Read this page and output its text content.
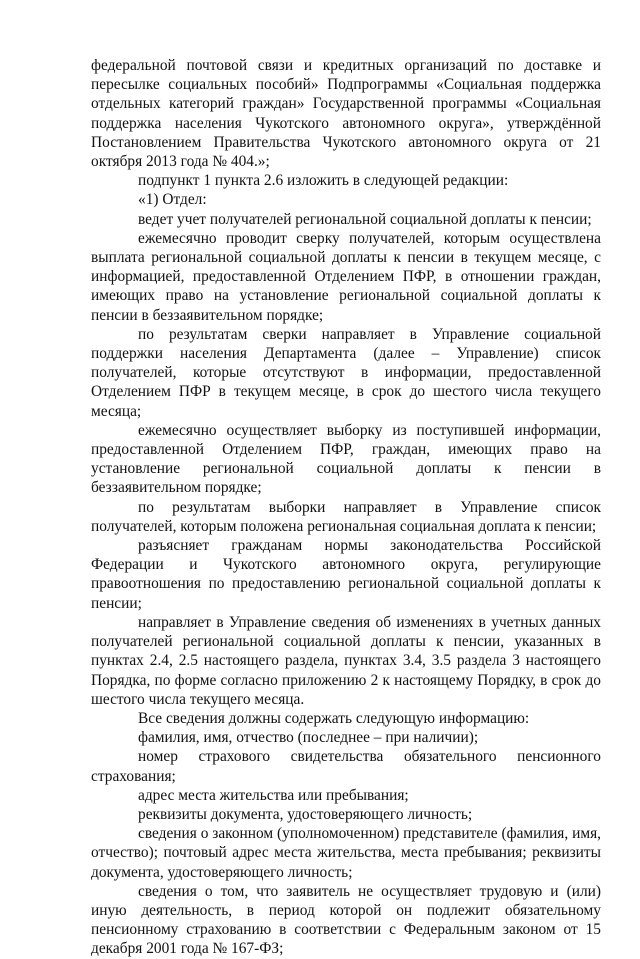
федеральной почтовой связи и кредитных организаций по доставке и пересылке социальных пособий» Подпрограммы «Социальная поддержка отдельных категорий граждан» Государственной программы «Социальная поддержка населения Чукотского автономного округа», утверждённой Постановлением Правительства Чукотского автономного округа от 21 октября 2013 года № 404.»;

подпункт 1 пункта 2.6 изложить в следующей редакции:

«1) Отдел:

ведет учет получателей региональной социальной доплаты к пенсии;

ежемесячно проводит сверку получателей, которым осуществлена выплата региональной социальной доплаты к пенсии в текущем месяце, с информацией, предоставленной Отделением ПФР, в отношении граждан, имеющих право на установление региональной социальной доплаты к пенсии в беззаявительном порядке;

по результатам сверки направляет в Управление социальной поддержки населения Департамента (далее – Управление) список получателей, которые отсутствуют в информации, предоставленной Отделением ПФР в текущем месяце, в срок до шестого числа текущего месяца;

ежемесячно осуществляет выборку из поступившей информации, предоставленной Отделением ПФР, граждан, имеющих право на установление региональной социальной доплаты к пенсии в беззаявительном порядке;

по результатам выборки направляет в Управление список получателей, которым положена региональная социальная доплата к пенсии;

разъясняет гражданам нормы законодательства Российской Федерации и Чукотского автономного округа, регулирующие правоотношения по предоставлению региональной социальной доплаты к пенсии;

направляет в Управление сведения об изменениях в учетных данных получателей региональной социальной доплаты к пенсии, указанных в пунктах 2.4, 2.5 настоящего раздела, пунктах 3.4, 3.5 раздела 3 настоящего Порядка, по форме согласно приложению 2 к настоящему Порядку, в срок до шестого числа текущего месяца.

Все сведения должны содержать следующую информацию:

фамилия, имя, отчество (последнее – при наличии);

номер страхового свидетельства обязательного пенсионного страхования;

адрес места жительства или пребывания;

реквизиты документа, удостоверяющего личность;

сведения о законном (уполномоченном) представителе (фамилия, имя, отчество); почтовый адрес места жительства, места пребывания; реквизиты документа, удостоверяющего личность;

сведения о том, что заявитель не осуществляет трудовую и (или) иную деятельность, в период которой он подлежит обязательному пенсионному страхованию в соответствии с Федеральным законом от 15 декабря 2001 года № 167-ФЗ;
